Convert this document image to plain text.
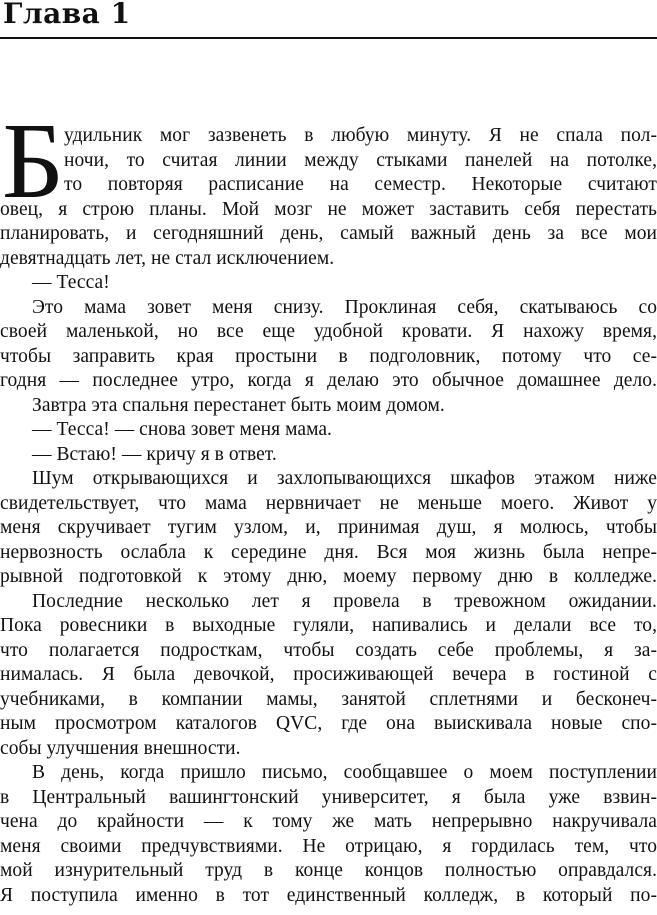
Глава 1
Б удильник мог зазвенеть в любую минуту. Я не спала пол-
ночи, то считая линии между стыками панелей на потолке,
то повторяя расписание на семестр. Некоторые считают
овец, я строю планы. Мой мозг не может заставить себя перестать
планировать, и сегодняшний день, самый важный день за все мои
девятнадцать лет, не стал исключением.
— Тесса!
Это мама зовет меня снизу. Проклиная себя, скатываюсь со
своей маленькой, но все еще удобной кровати. Я нахожу время,
чтобы заправить края простыни в подголовник, потому что се-
годня — последнее утро, когда я делаю это обычное домашнее дело.
Завтра эта спальня перестанет быть моим домом.
— Тесса! — снова зовет меня мама.
— Встаю! — кричу я в ответ.
Шум открывающихся и захлопывающихся шкафов этажом ниже
свидетельствует, что мама нервничает не меньше моего. Живот у
меня скручивает тугим узлом, и, принимая душ, я молюсь, чтобы
нервозность ослабла к середине дня. Вся моя жизнь была непре-
рывной подготовкой к этому дню, моему первому дню в колледже.
Последние несколько лет я провела в тревожном ожидании.
Пока ровесники в выходные гуляли, напивались и делали все то,
что полагается подросткам, чтобы создать себе проблемы, я за-
нималась. Я была девочкой, просиживающей вечера в гостиной с
учебниками, в компании мамы, занятой сплетнями и бесконеч-
ным просмотром каталогов QVC, где она выискивала новые спо-
собы улучшения внешности.
В день, когда пришло письмо, сообщавшее о моем поступлении
в Центральный вашингтонский университет, я была уже взвин-
чена до крайности — к тому же мать непрерывно накручивала
меня своими предчувствиями. Не отрицаю, я гордилась тем, что
мой изнурительный труд в конце концов полностью оправдался.
Я поступила именно в тот единственный колледж, в который по-
